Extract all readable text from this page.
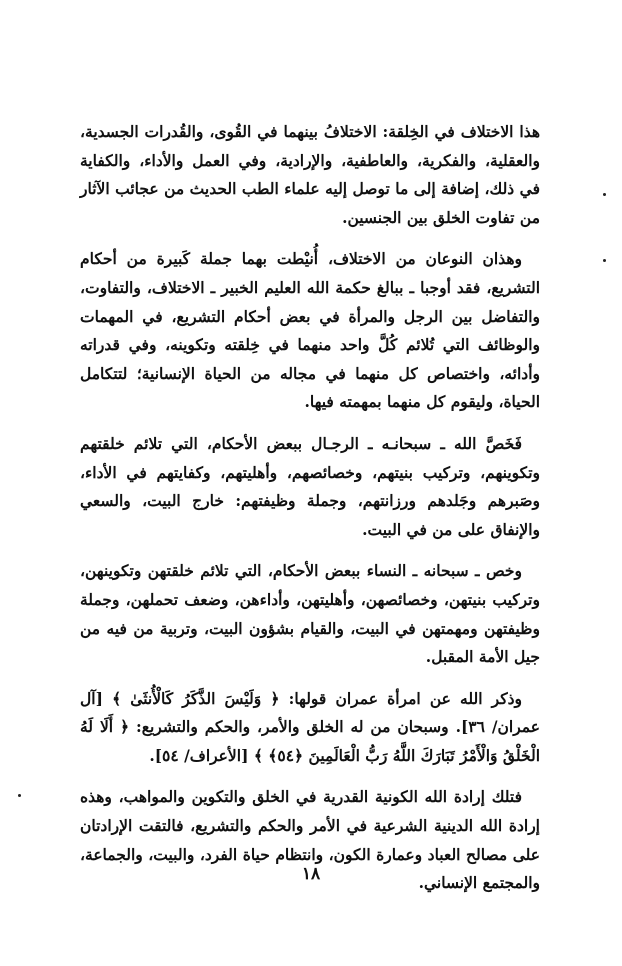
هذا الاختلاف في الخِلقة: الاختلافُ بينهما في القُوى، والقُدرات الجسدية، والعقلية، والفكرية، والعاطفية، والإرادية، وفي العمل والأداء، والكفاية في ذلك، إضافة إلى ما توصل إليه علماء الطب الحديث من عجائب الآثار من تفاوت الخلق بين الجنسين.

وهذان النوعان من الاختلاف، أُنيْطت بهما جملة كَبيرة من أحكام التشريع، فقد أوجبا ـ ببالغ حكمة الله العليم الخبير ـ الاختلاف، والتفاوت، والتفاضل بين الرجل والمرأة في بعض أحكام التشريع، في المهمات والوظائف التي تُلائم كُلَّ واحد منهما في خِلقته وتكوينه، وفي قدراته وأدائه، واختصاص كل منهما في مجاله من الحياة الإنسانية؛ لتتكامل الحياة، وليقوم كل منهما بمهمته فيها.

فَخَصَّ الله ـ سبحانـه ـ الرجـال ببعض الأحكام، التي تلائم خلقتهم وتكوينهم، وتركيب بنيتهم، وخصائصهم، وأهليتهم، وكفايتهم في الأداء، وصَبرهم وجَلدهم ورزانتهم، وجملة وظيفتهم: خارج البيت، والسعي والإنفاق على من في البيت.

وخص ـ سبحانه ـ النساء ببعض الأحكام، التي تلائم خلقتهن وتكوينهن، وتركيب بنيتهن، وخصائصهن، وأهليتهن، وأداءهن، وضعف تحملهن، وجملة وظيفتهن ومهمتهن في البيت، والقيام بشؤون البيت، وتربية من فيه من جيل الأمة المقبل.

وذكر الله عن امرأة عمران قولها: ﴿ وَلَيْسَ الذَّكَرُ كَالْأُنثَىٰ ﴾ [آل عمران/ ٣٦]. وسبحان من له الخلق والأمر، والحكم والتشريع: ﴿ أَلَا لَهُ الْخَلْقُ وَالْأَمْرُ تَبَارَكَ اللَّهُ رَبُّ الْعَالَمِينَ ﴿٥٤﴾ ﴾ [الأعراف/ ٥٤].

فتلك إرادة الله الكونية القدرية في الخلق والتكوين والمواهب، وهذه إرادة الله الدينية الشرعية في الأمر والحكم والتشريع، فالتقت الإرادتان على مصالح العباد وعمارة الكون، وانتظام حياة الفرد، والبيت، والجماعة، والمجتمع الإنساني.

١٨
